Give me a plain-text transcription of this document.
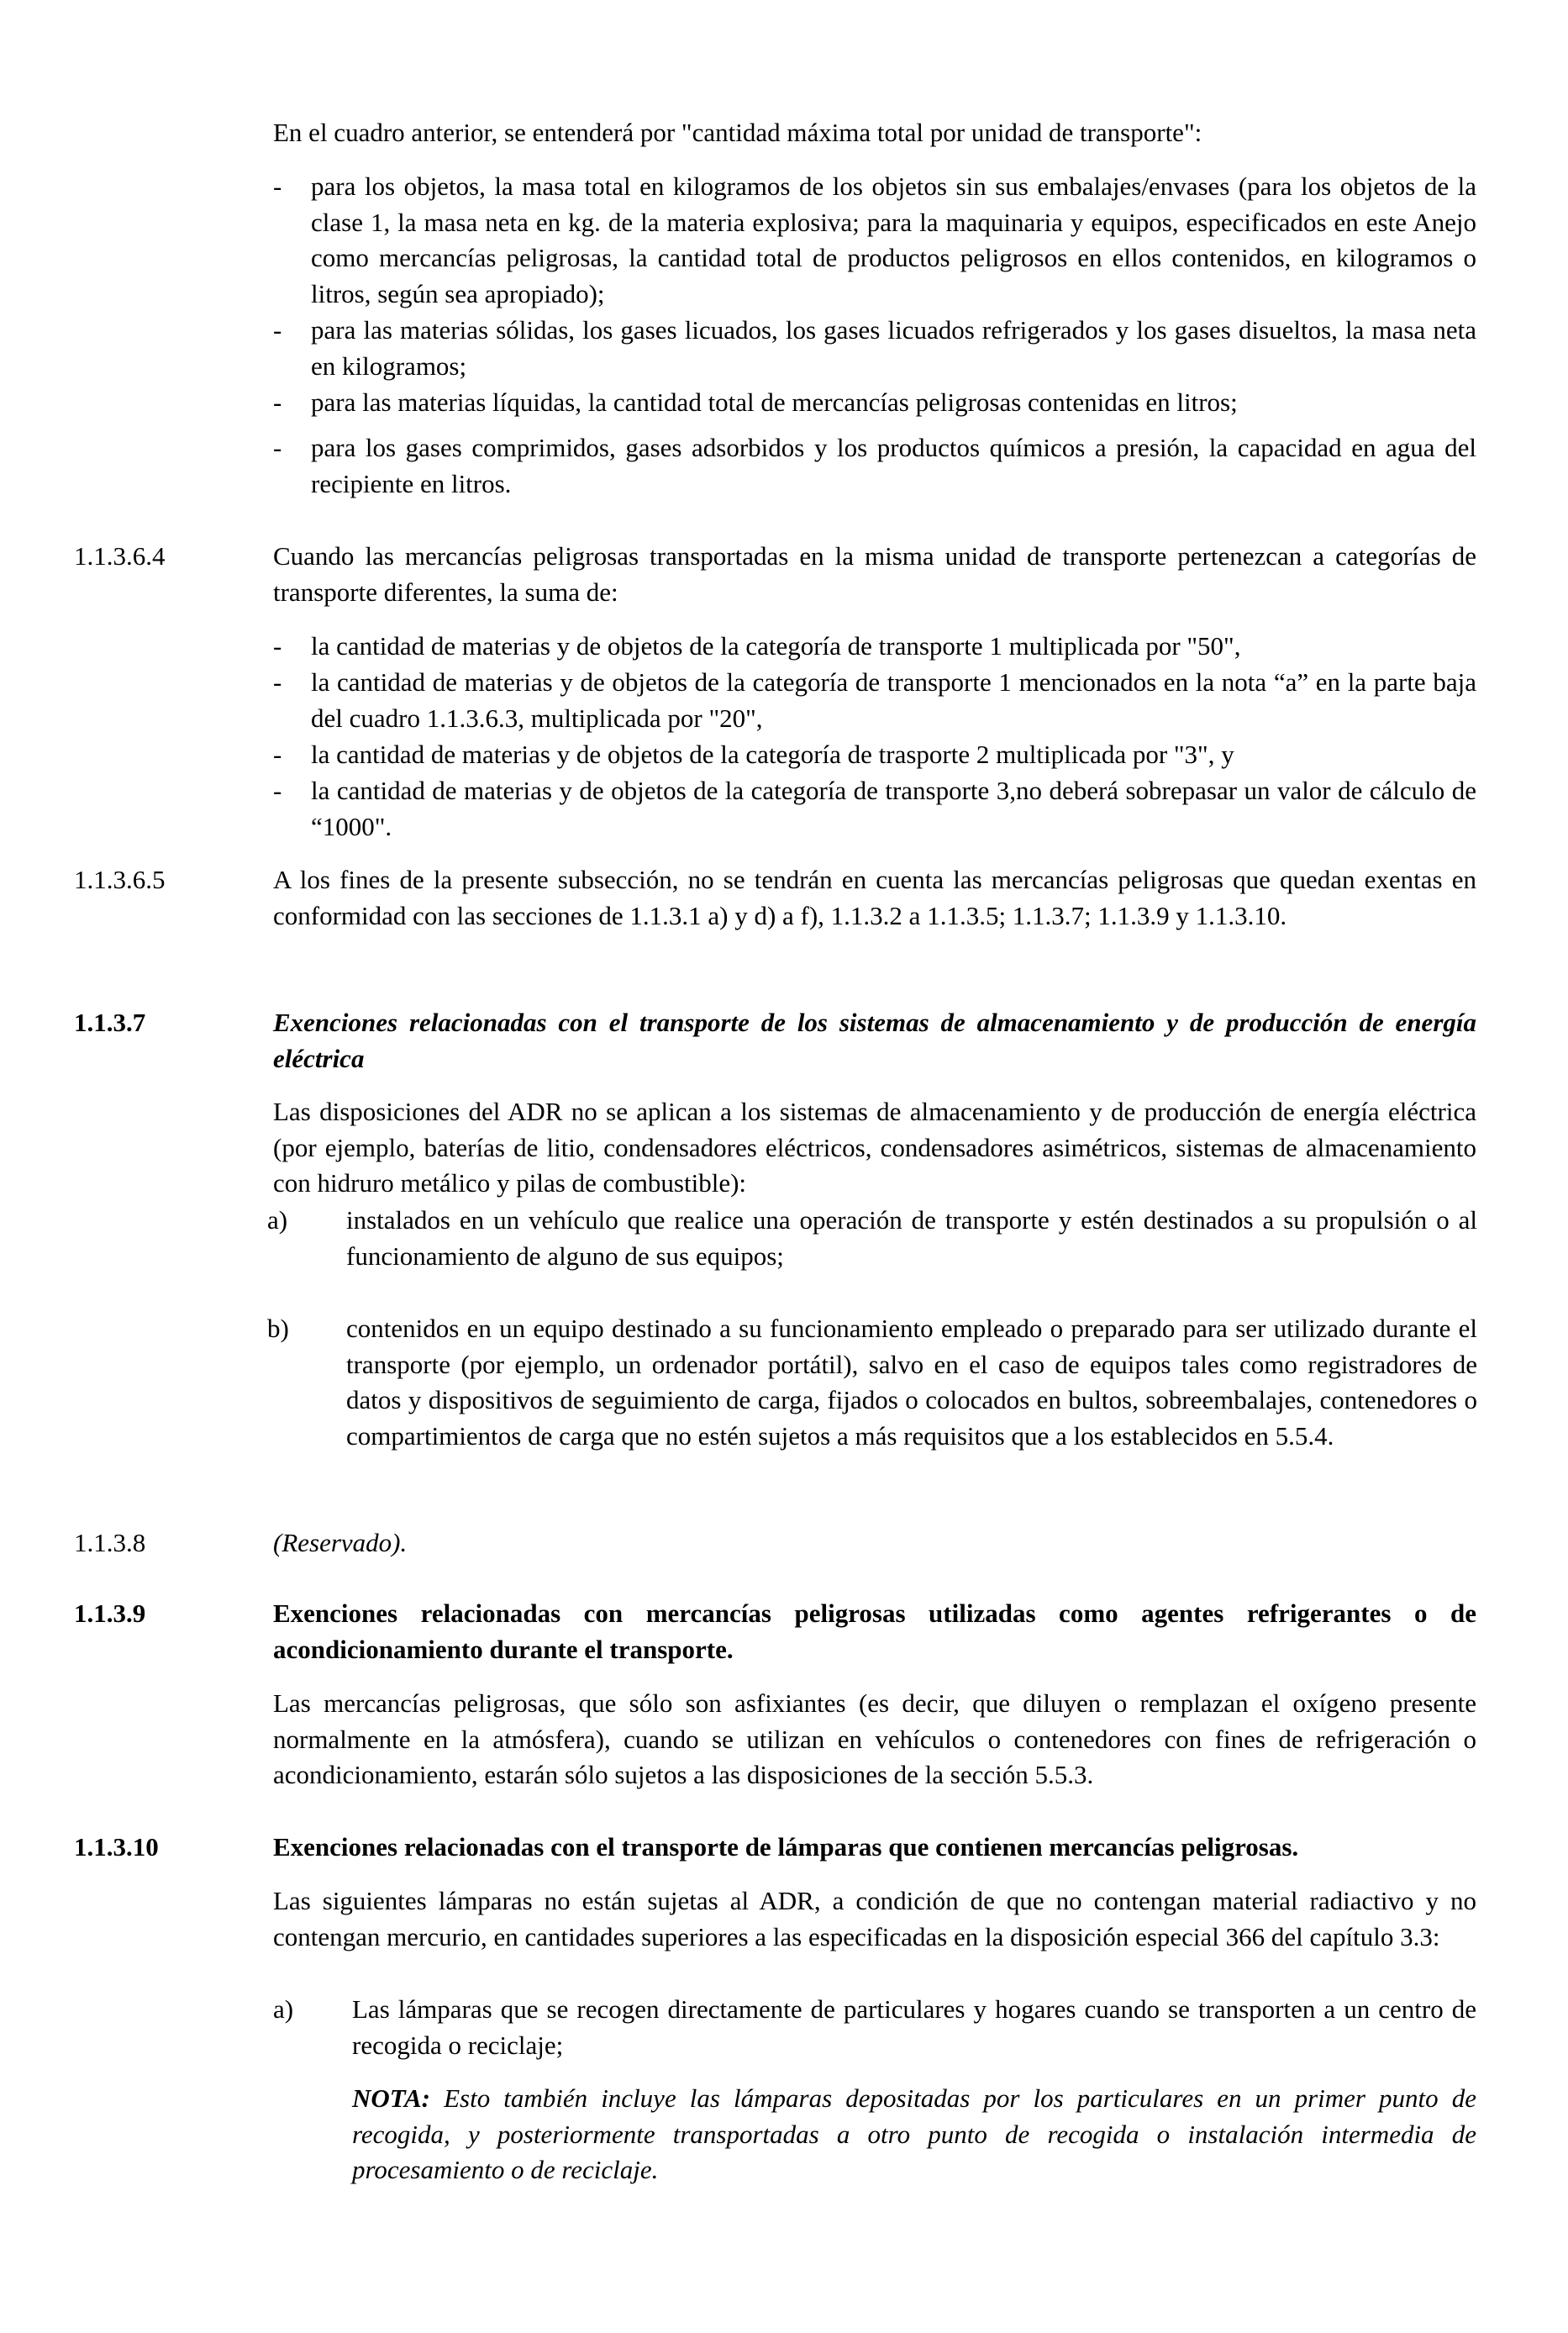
En el cuadro anterior, se entenderá por "cantidad máxima total por unidad de transporte":
- para los objetos, la masa total en kilogramos de los objetos sin sus embalajes/envases (para los objetos de la clase 1, la masa neta en kg. de la materia explosiva; para la maquinaria y equipos, especificados en este Anejo como mercancías peligrosas, la cantidad total de productos peligrosos en ellos contenidos, en kilogramos o litros, según sea apropiado);
- para las materias sólidas, los gases licuados, los gases licuados refrigerados y los gases disueltos, la masa neta en kilogramos;
- para las materias líquidas, la cantidad total de mercancías peligrosas contenidas en litros;
- para los gases comprimidos, gases adsorbidos y los productos químicos a presión, la capacidad en agua del recipiente en litros.
1.1.3.6.4	Cuando las mercancías peligrosas transportadas en la misma unidad de transporte pertenezcan a categorías de transporte diferentes, la suma de:
- la cantidad de materias y de objetos de la categoría de transporte 1 multiplicada por "50",
- la cantidad de materias y de objetos de la categoría de transporte 1 mencionados en la nota “a” en la parte baja del cuadro 1.1.3.6.3, multiplicada por "20",
- la cantidad de materias y de objetos de la categoría de trasporte 2 multiplicada por "3", y
- la cantidad de materias y de objetos de la categoría de transporte 3,no deberá sobrepasar un valor de cálculo de “1000".
1.1.3.6.5	A los fines de la presente subsección, no se tendrán en cuenta las mercancías peligrosas que quedan exentas en conformidad con las secciones de 1.1.3.1 a) y d) a f), 1.1.3.2 a 1.1.3.5; 1.1.3.7; 1.1.3.9 y 1.1.3.10.
1.1.3.7	Exenciones relacionadas con el transporte de los sistemas de almacenamiento y de producción de energía eléctrica
Las disposiciones del ADR no se aplican a los sistemas de almacenamiento y de producción de energía eléctrica (por ejemplo, baterías de litio, condensadores eléctricos, condensadores asimétricos, sistemas de almacenamiento con hidruro metálico y pilas de combustible):
a) instalados en un vehículo que realice una operación de transporte y estén destinados a su propulsión o al funcionamiento de alguno de sus equipos;
b) contenidos en un equipo destinado a su funcionamiento empleado o preparado para ser utilizado durante el transporte (por ejemplo, un ordenador portátil), salvo en el caso de equipos tales como registradores de datos y dispositivos de seguimiento de carga, fijados o colocados en bultos, sobreembalajes, contenedores o compartimientos de carga que no estén sujetos a más requisitos que a los establecidos en 5.5.4.
1.1.3.8	(Reservado).
1.1.3.9	Exenciones relacionadas con mercancías peligrosas utilizadas como agentes refrigerantes o de acondicionamiento durante el transporte.
Las mercancías peligrosas, que sólo son asfixiantes (es decir, que diluyen o remplazan el oxígeno presente normalmente en la atmósfera), cuando se utilizan en vehículos o contenedores con fines de refrigeración o acondicionamiento, estarán sólo sujetos a las disposiciones de la sección 5.5.3.
1.1.3.10	Exenciones relacionadas con el transporte de lámparas que contienen mercancías peligrosas.
Las siguientes lámparas no están sujetas al ADR, a condición de que no contengan material radiactivo y no contengan mercurio, en cantidades superiores a las especificadas en la disposición especial 366 del capítulo 3.3:
a) Las lámparas que se recogen directamente de particulares y hogares cuando se transporten a un centro de recogida o reciclaje;
NOTA: Esto también incluye las lámparas depositadas por los particulares en un primer punto de recogida, y posteriormente transportadas a otro punto de recogida o instalación intermedia de procesamiento o de reciclaje.
